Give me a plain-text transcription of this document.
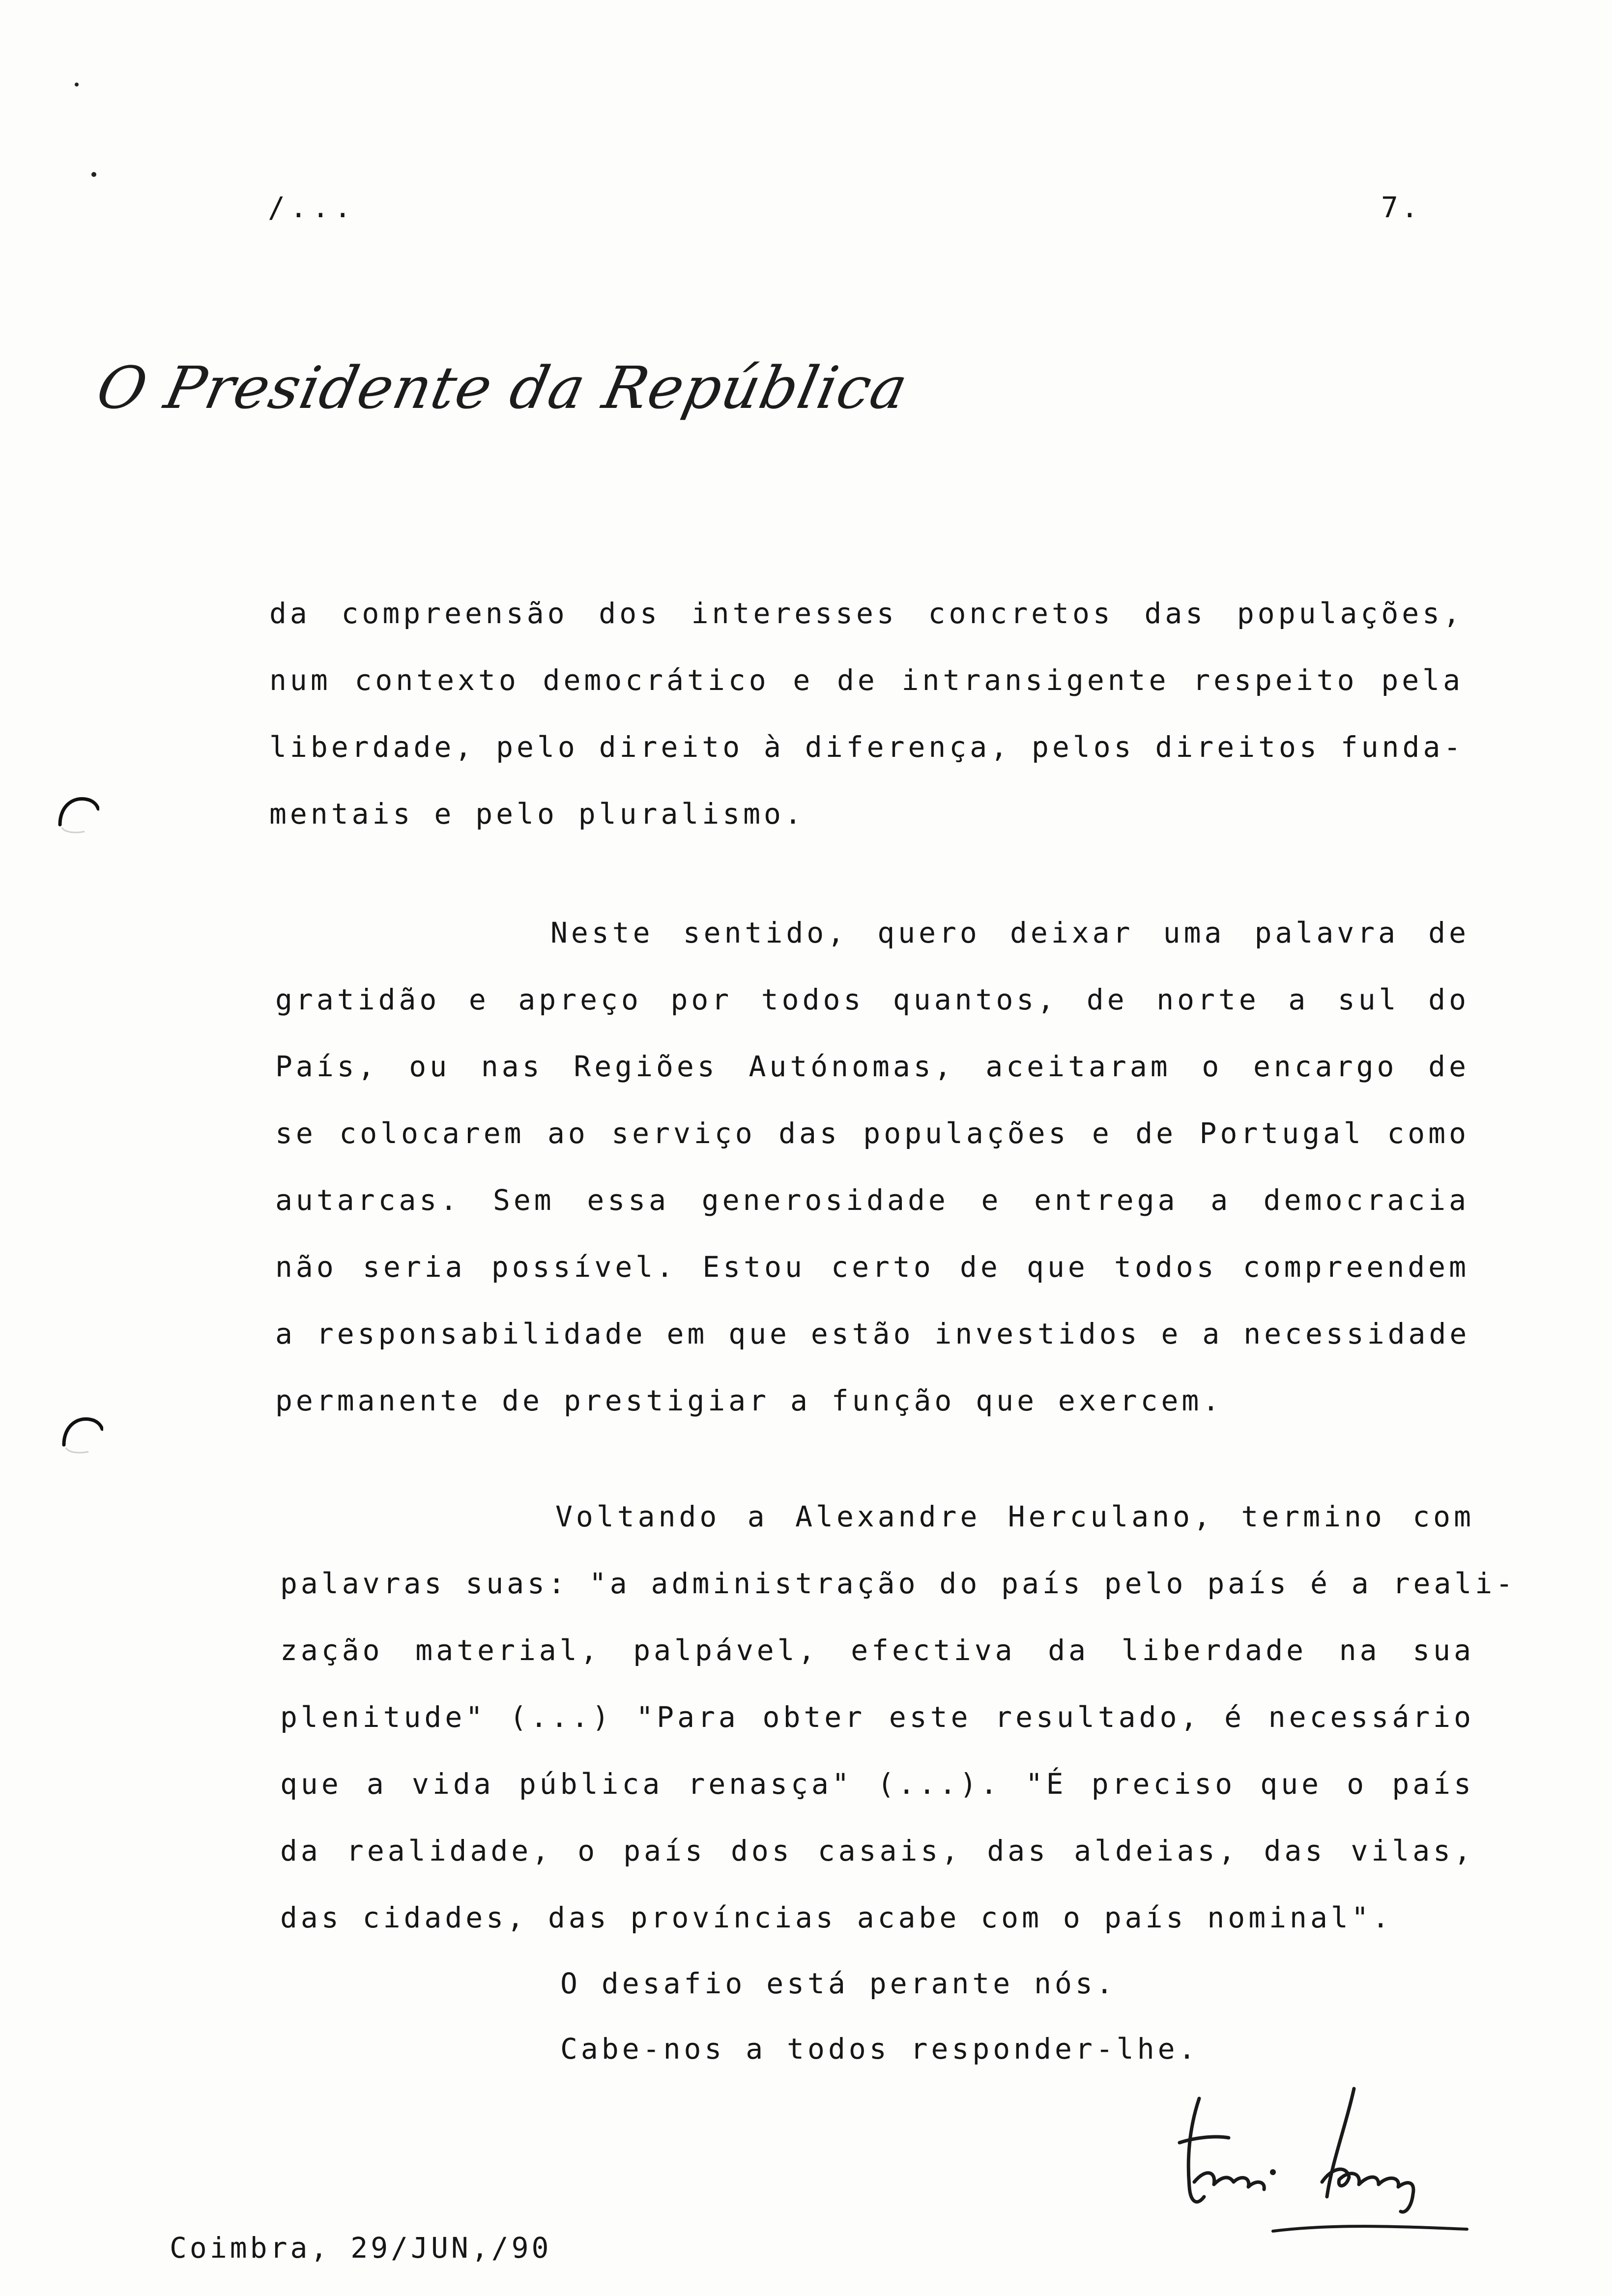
/...	7.
O Presidente da República
da compreensão dos interesses concretos das populações,
num contexto democrático e de intransigente respeito pela
liberdade, pelo direito à diferença, pelos direitos funda-
mentais e pelo pluralismo.
Neste sentido, quero deixar uma palavra de
gratidão e apreço por todos quantos, de norte a sul do
País, ou nas Regiões Autónomas, aceitaram o encargo de
se colocarem ao serviço das populações e de Portugal como
autarcas. Sem essa generosidade e entrega a democracia
não seria possível. Estou certo de que todos compreendem
a responsabilidade em que estão investidos e a necessidade
permanente de prestigiar a função que exercem.
Voltando a Alexandre Herculano, termino com
palavras suas: "a administração do país pelo país é a reali-
zação material, palpável, efectiva da liberdade na sua
plenitude" (...) "Para obter este resultado, é necessário
que a vida pública renasça" (...). "É preciso que o país
da realidade, o país dos casais, das aldeias, das vilas,
das cidades, das províncias acabe com o país nominal".
O desafio está perante nós.
Cabe-nos a todos responder-lhe.
Coimbra, 29/JUN,/90
